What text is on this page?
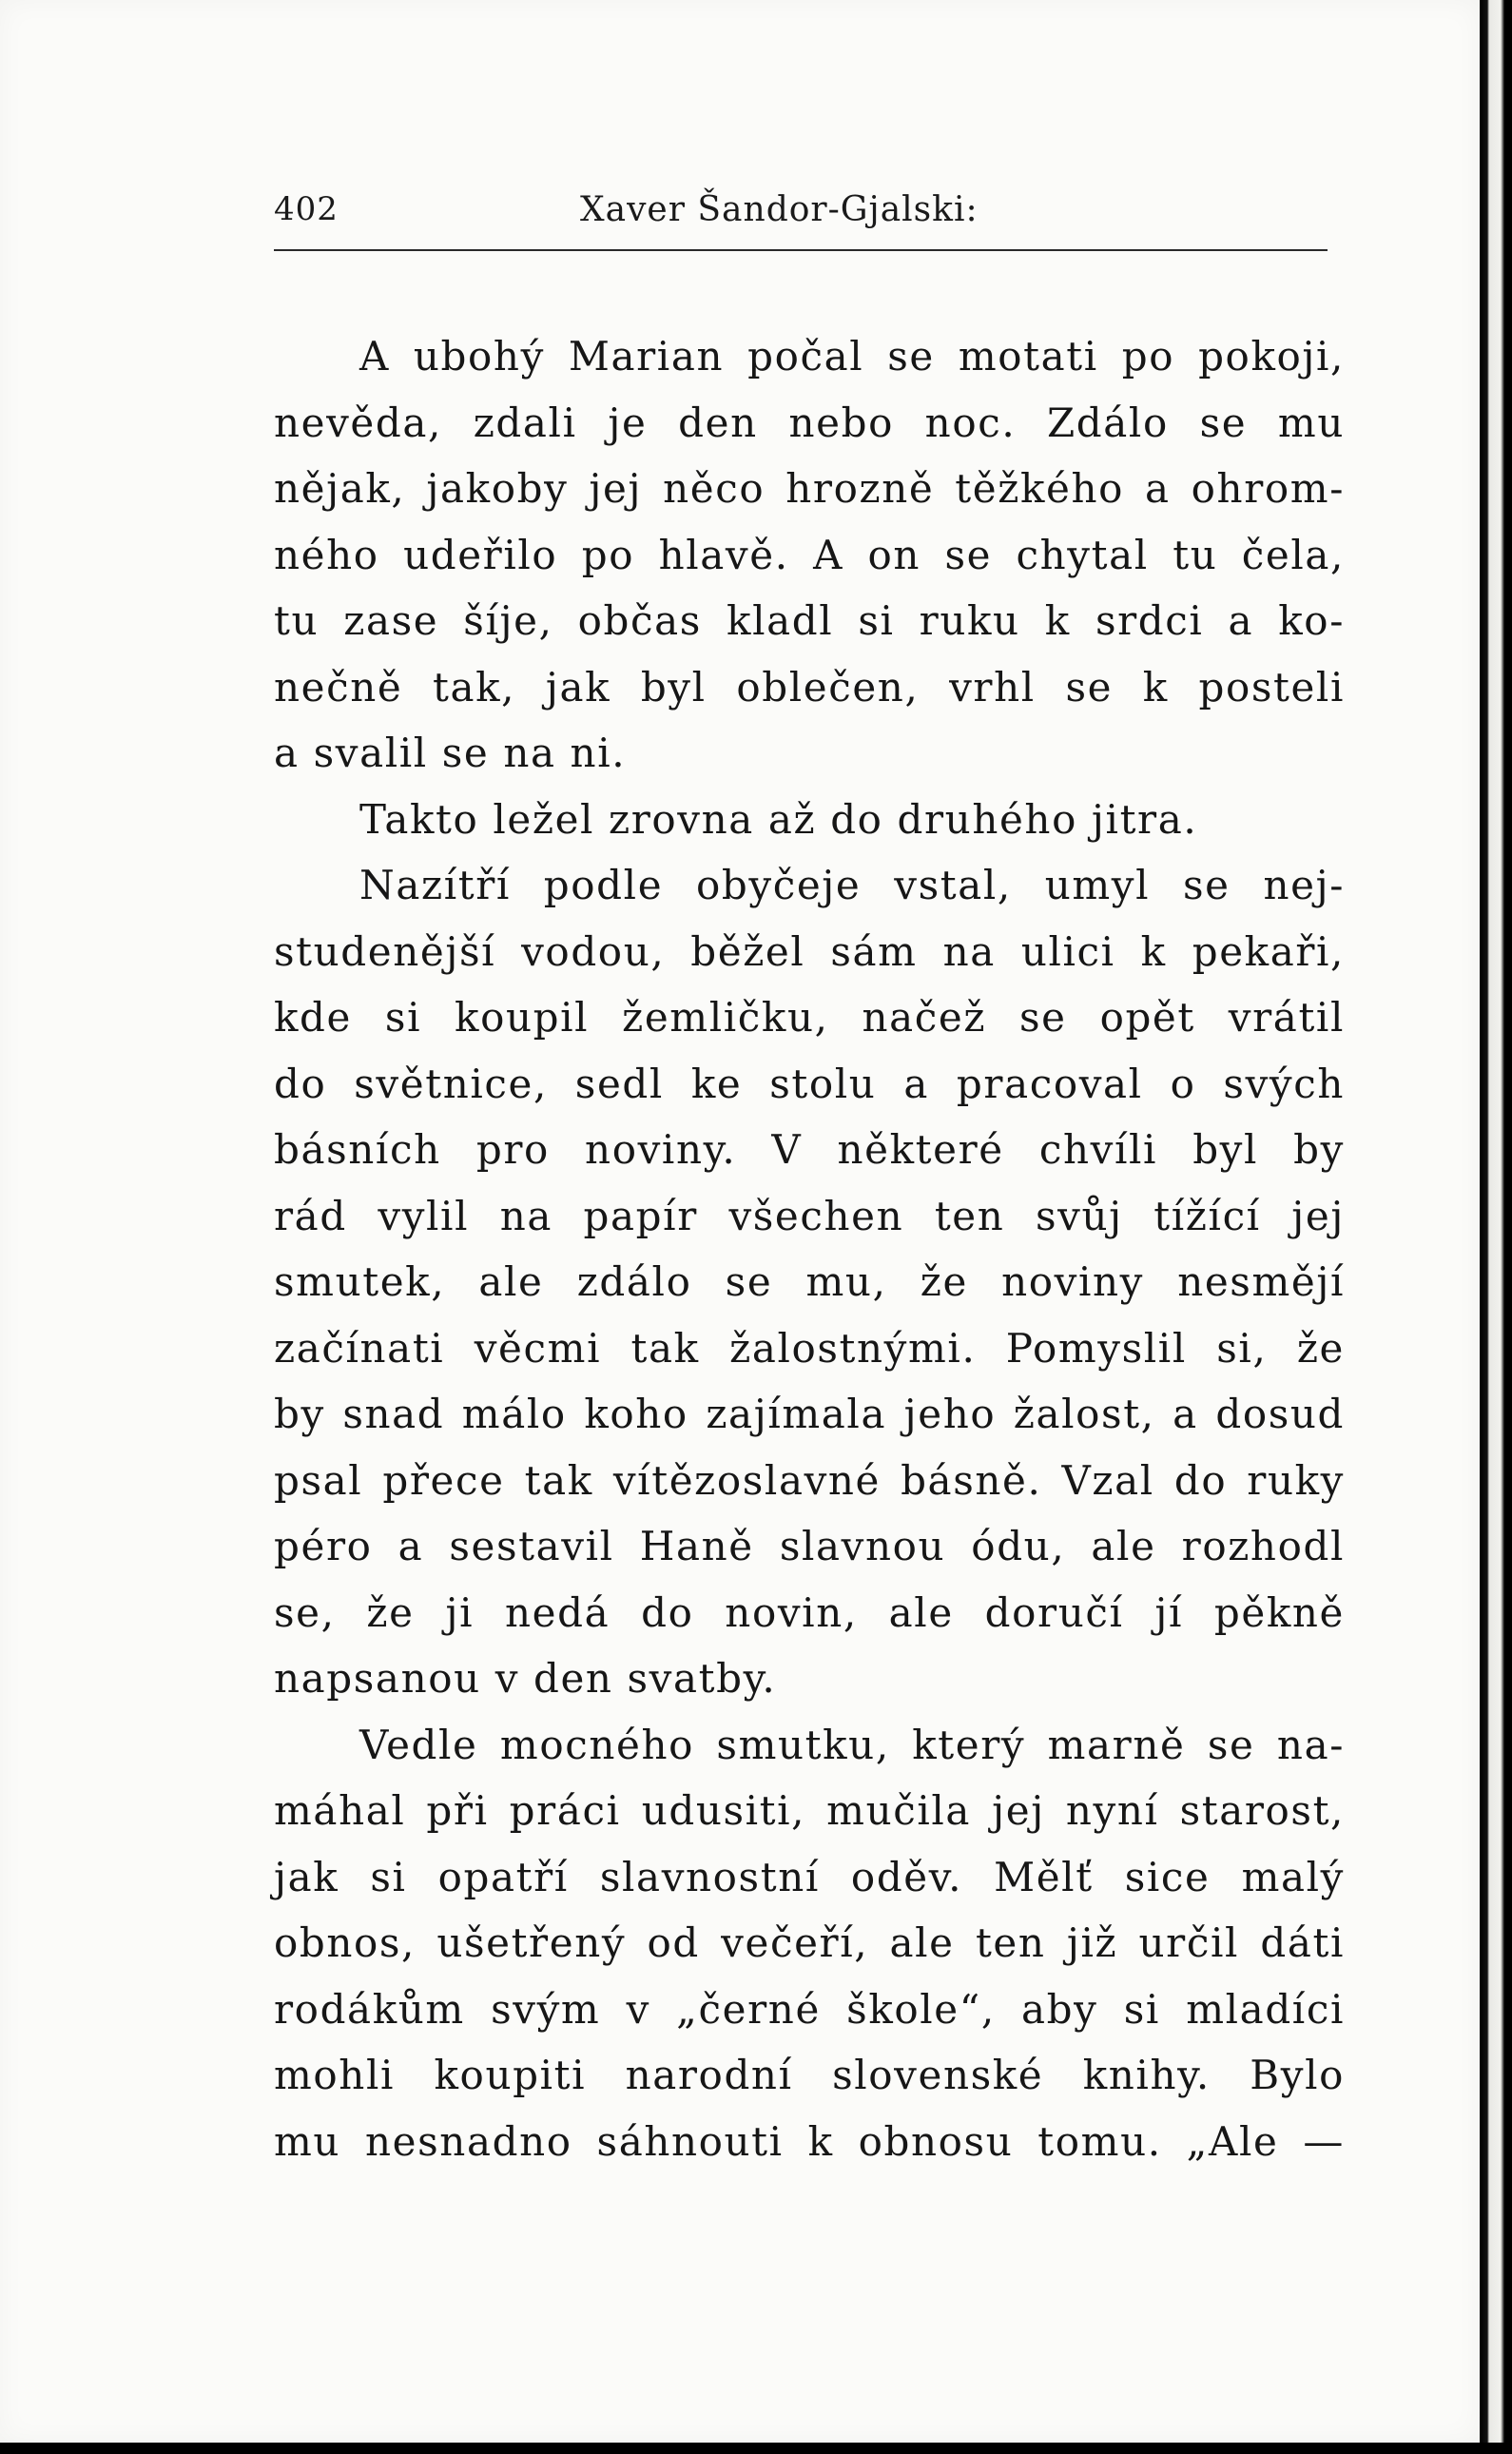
402	Xaver Šandor-Gjalski:
A ubohý Marian počal se motati po pokoji,
nevěda, zdali je den nebo noc. Zdálo se mu
nějak, jakoby jej něco hrozně těžkého a ohrom-
ného udeřilo po hlavě. A on se chytal tu čela,
tu zase šíje, občas kladl si ruku k srdci a ko-
nečně tak, jak byl oblečen, vrhl se k posteli
a svalil se na ni.
Takto ležel zrovna až do druhého jitra.
Nazítří podle obyčeje vstal, umyl se nej-
studenější vodou, běžel sám na ulici k pekaři,
kde si koupil žemličku, načež se opět vrátil
do světnice, sedl ke stolu a pracoval o svých
básních pro noviny. V některé chvíli byl by
rád vylil na papír všechen ten svůj tížící jej
smutek, ale zdálo se mu, že noviny nesmějí
začínati věcmi tak žalostnými. Pomyslil si, že
by snad málo koho zajímala jeho žalost, a dosud
psal přece tak vítězoslavné básně. Vzal do ruky
péro a sestavil Haně slavnou ódu, ale rozhodl
se, že ji nedá do novin, ale doručí jí pěkně
napsanou v den svatby.
Vedle mocného smutku, který marně se na-
máhal při práci udusiti, mučila jej nyní starost,
jak si opatří slavnostní oděv. Mělť sice malý
obnos, ušetřený od večeří, ale ten již určil dáti
rodákům svým v „černé škole“, aby si mladíci
mohli koupiti narodní slovenské knihy. Bylo
mu nesnadno sáhnouti k obnosu tomu. „Ale —
